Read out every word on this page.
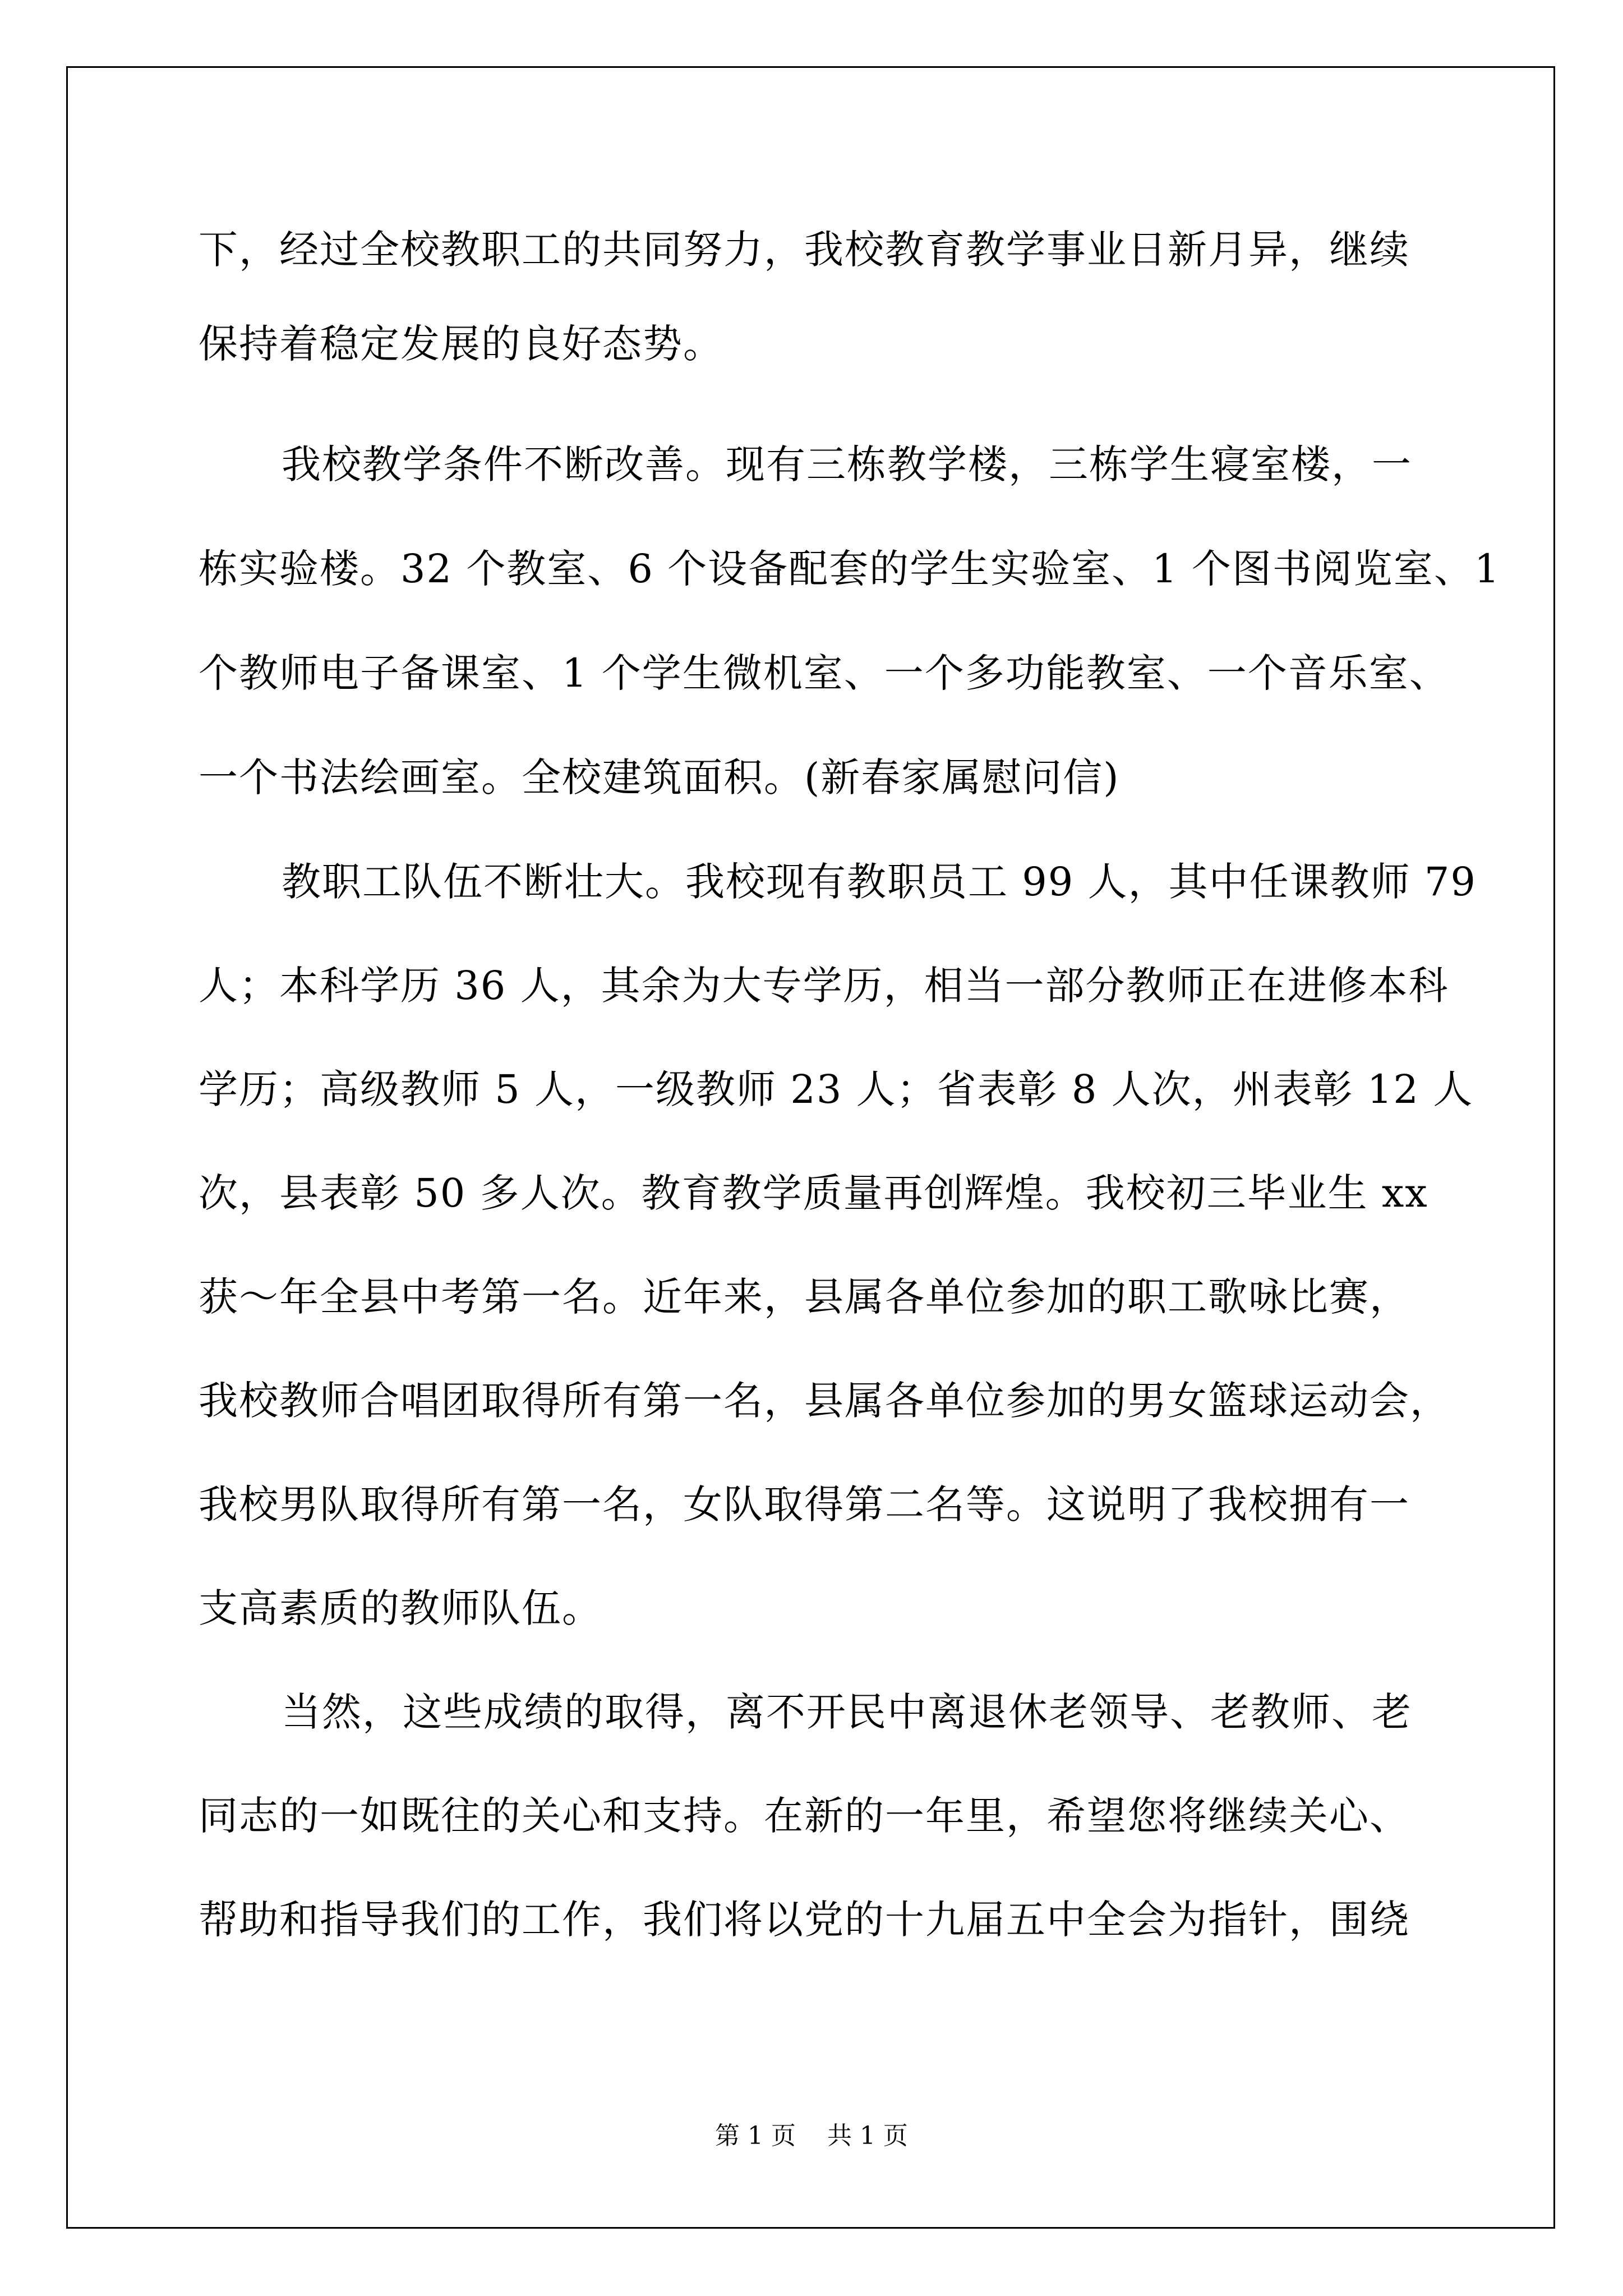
下，经过全校教职工的共同努力，我校教育教学事业日新月异，继续
保持着稳定发展的良好态势。
我校教学条件不断改善。现有三栋教学楼，三栋学生寝室楼，一
栋实验楼。32 个教室、6 个设备配套的学生实验室、1 个图书阅览室、1
个教师电子备课室、1 个学生微机室、一个多功能教室、一个音乐室、
一个书法绘画室。全校建筑面积。(新春家属慰问信)
教职工队伍不断壮大。我校现有教职员工 99 人，其中任课教师 79
人；本科学历 36 人，其余为大专学历，相当一部分教师正在进修本科
学历；高级教师 5 人，一级教师 23 人；省表彰 8 人次，州表彰 12 人
次，县表彰 50 多人次。教育教学质量再创辉煌。我校初三毕业生 xx
获～年全县中考第一名。近年来，县属各单位参加的职工歌咏比赛，
我校教师合唱团取得所有第一名，县属各单位参加的男女篮球运动会，
我校男队取得所有第一名，女队取得第二名等。这说明了我校拥有一
支高素质的教师队伍。
当然，这些成绩的取得，离不开民中离退休老领导、老教师、老
同志的一如既往的关心和支持。在新的一年里，希望您将继续关心、
帮助和指导我们的工作，我们将以党的十九届五中全会为指针，围绕
第 1 页    共 1 页
